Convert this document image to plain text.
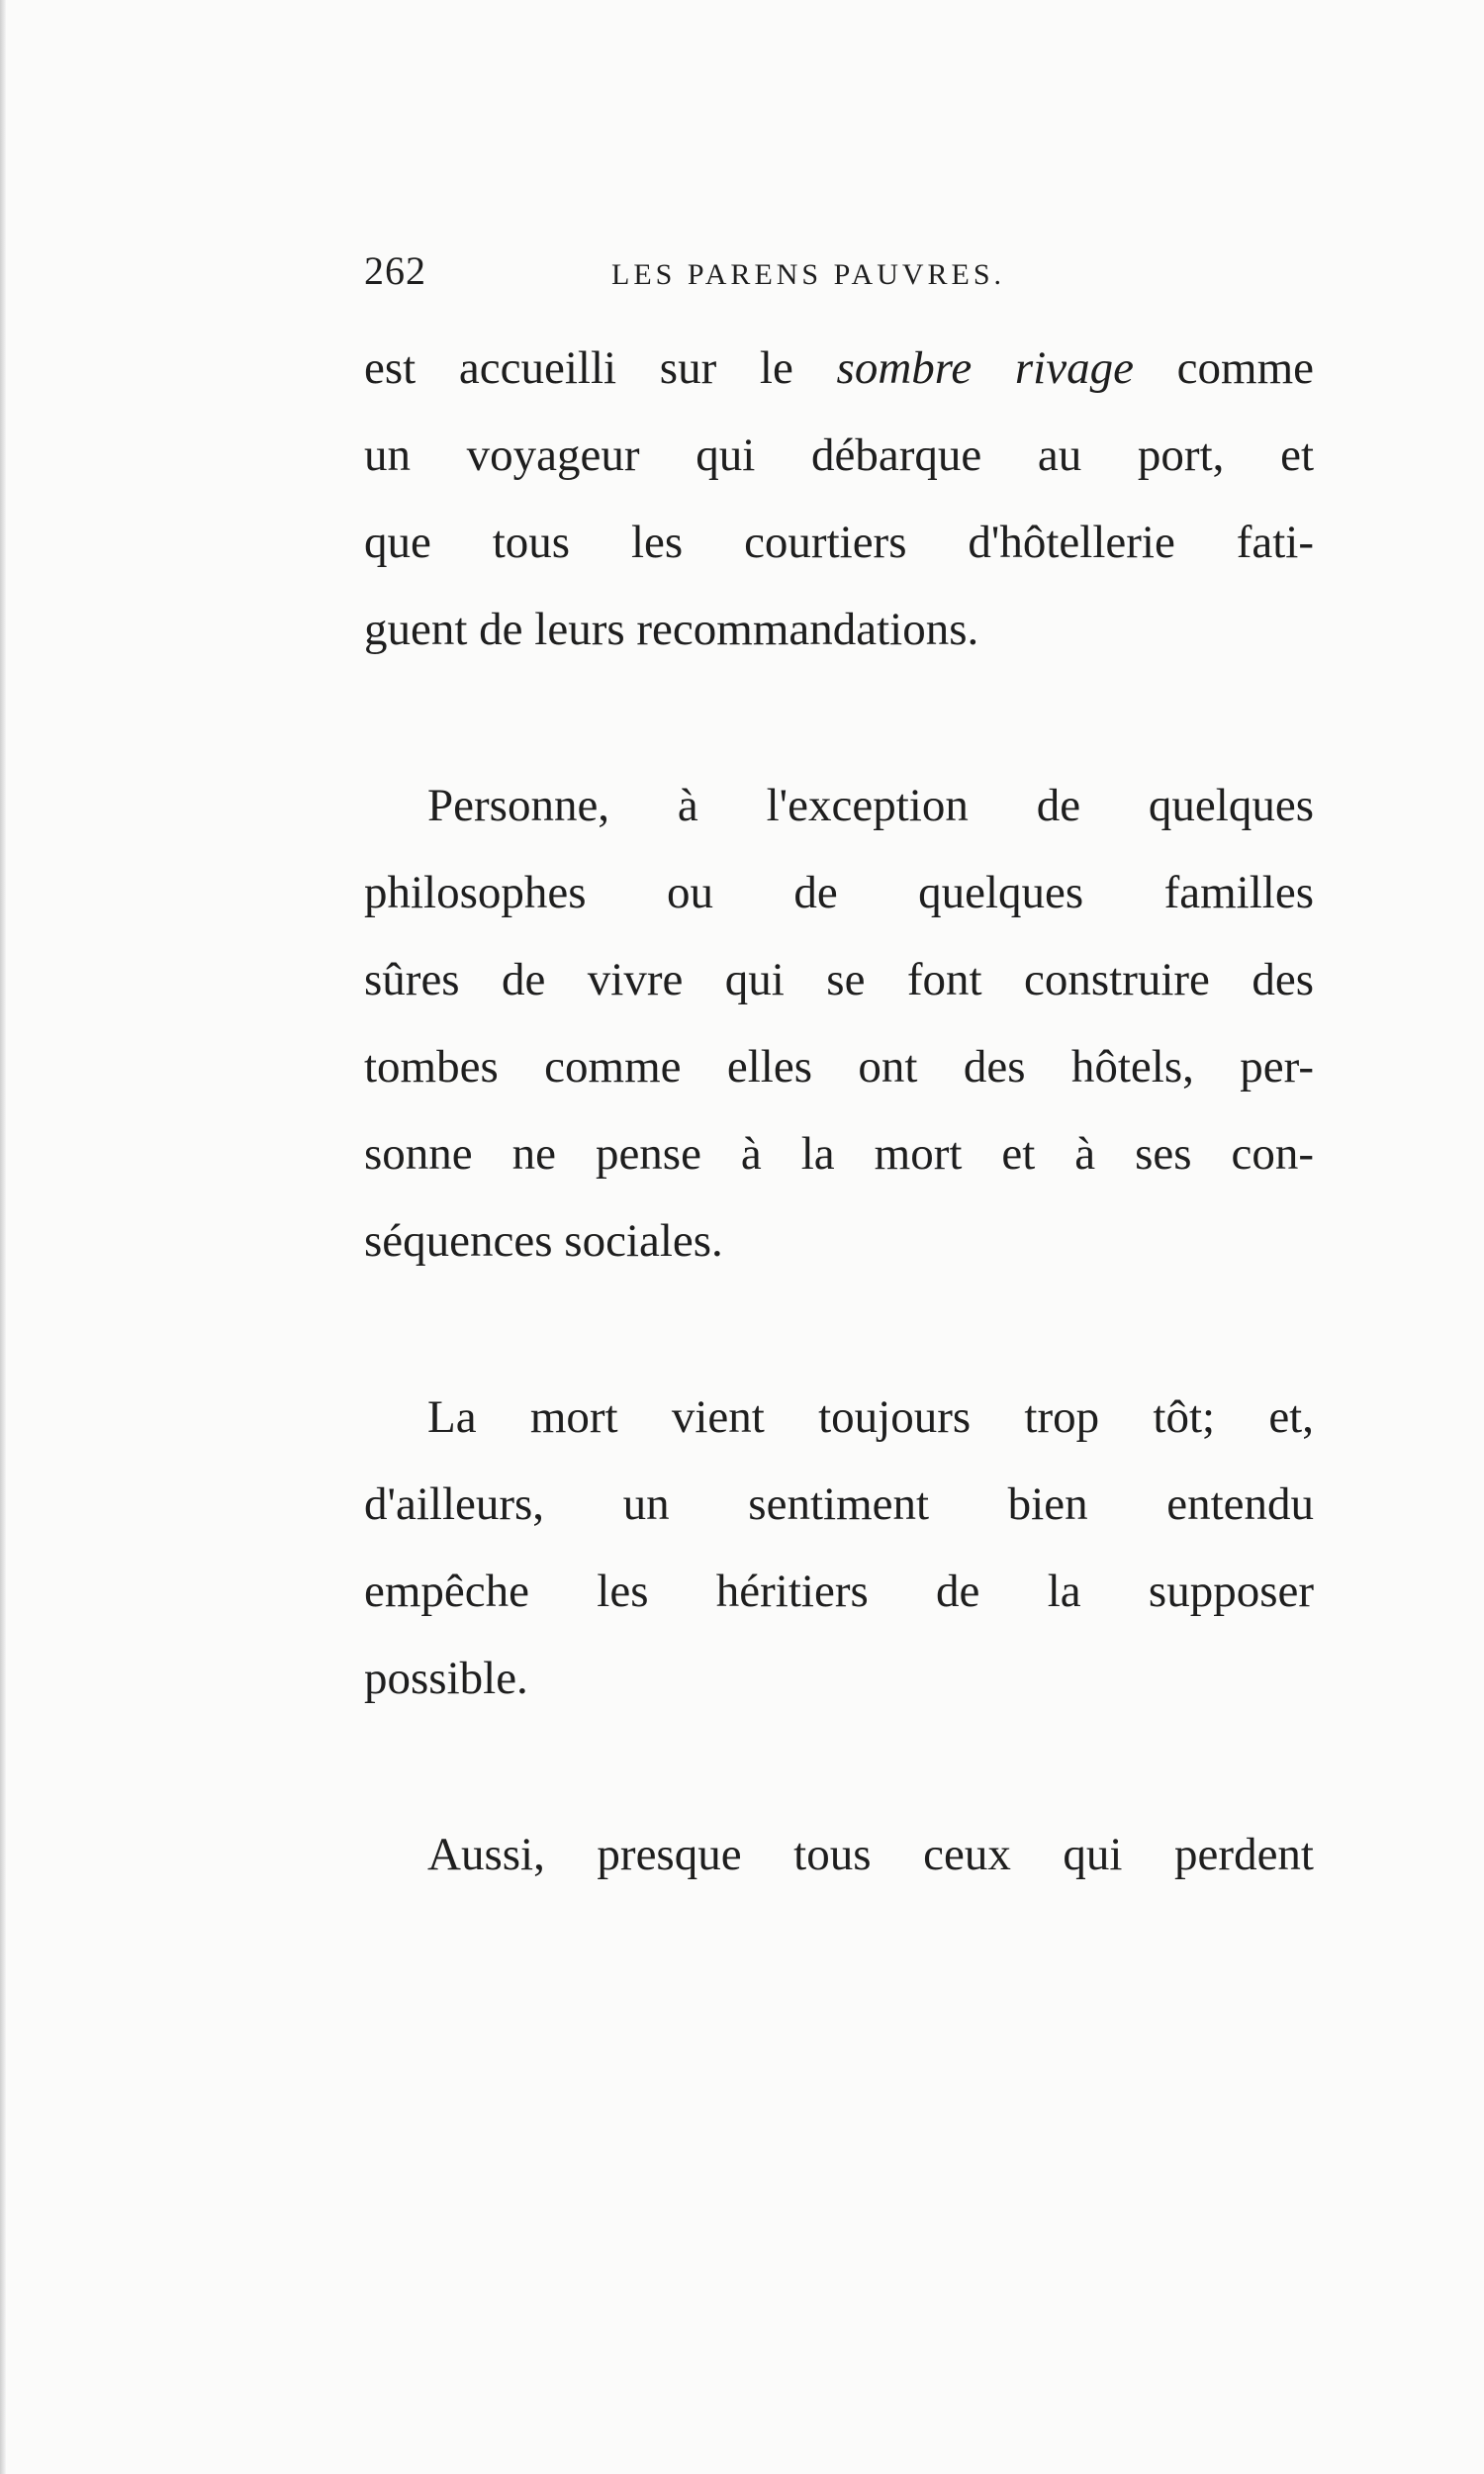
262	LES PARENS PAUVRES.
est accueilli sur le sombre rivage comme
un voyageur qui débarque au port, et
que tous les courtiers d'hôtellerie fati-
guent de leurs recommandations.
Personne, à l'exception de quelques
philosophes ou de quelques familles
sûres de vivre qui se font construire des
tombes comme elles ont des hôtels, per-
sonne ne pense à la mort et à ses con-
séquences sociales.
La mort vient toujours trop tôt; et,
d'ailleurs, un sentiment bien entendu
empêche les héritiers de la supposer
possible.
Aussi, presque tous ceux qui perdent
